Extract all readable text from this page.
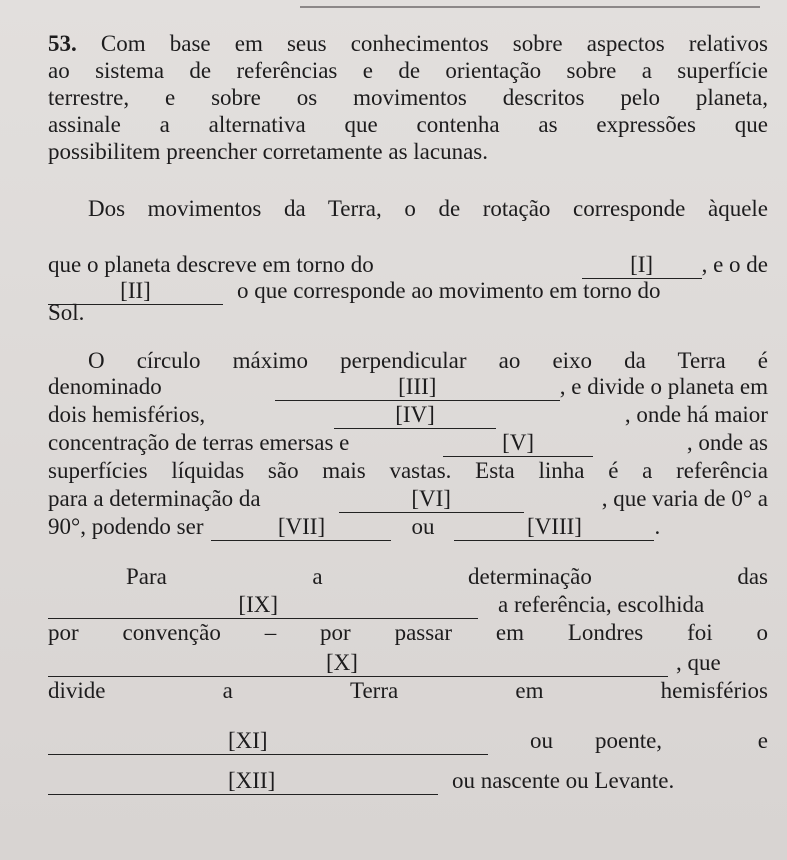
53. Com base em seus conhecimentos sobre aspectos relativos
ao sistema de referências e de orientação sobre a superfície
terrestre, e sobre os movimentos descritos pelo planeta,
assinale a alternativa que contenha as expressões que
possibilitem preencher corretamente as lacunas.
Dos movimentos da Terra, o de rotação corresponde àquele
que o planeta descreve em torno do	[I] , e o de
[II]	o que corresponde ao movimento em torno do
Sol.
O círculo máximo perpendicular ao eixo da Terra é
denominado	[III]	, e divide o planeta em
dois hemisférios,	[IV]	, onde há maior
concentração de terras emersas e	[V]	, onde as
superfícies líquidas são mais vastas. Esta linha é a referência
para a determinação da	[VI]	, que varia de 0° a
90°, podendo ser	[VII]	ou	[VIII]	.
Para	a	determinação	das
[IX]	a referência, escolhida
por convenção – por passar em Londres foi o
[X]	, que
divide	a	Terra	em	hemisférios
[XI]	ou poente,	e
[XII]	ou nascente ou Levante.
